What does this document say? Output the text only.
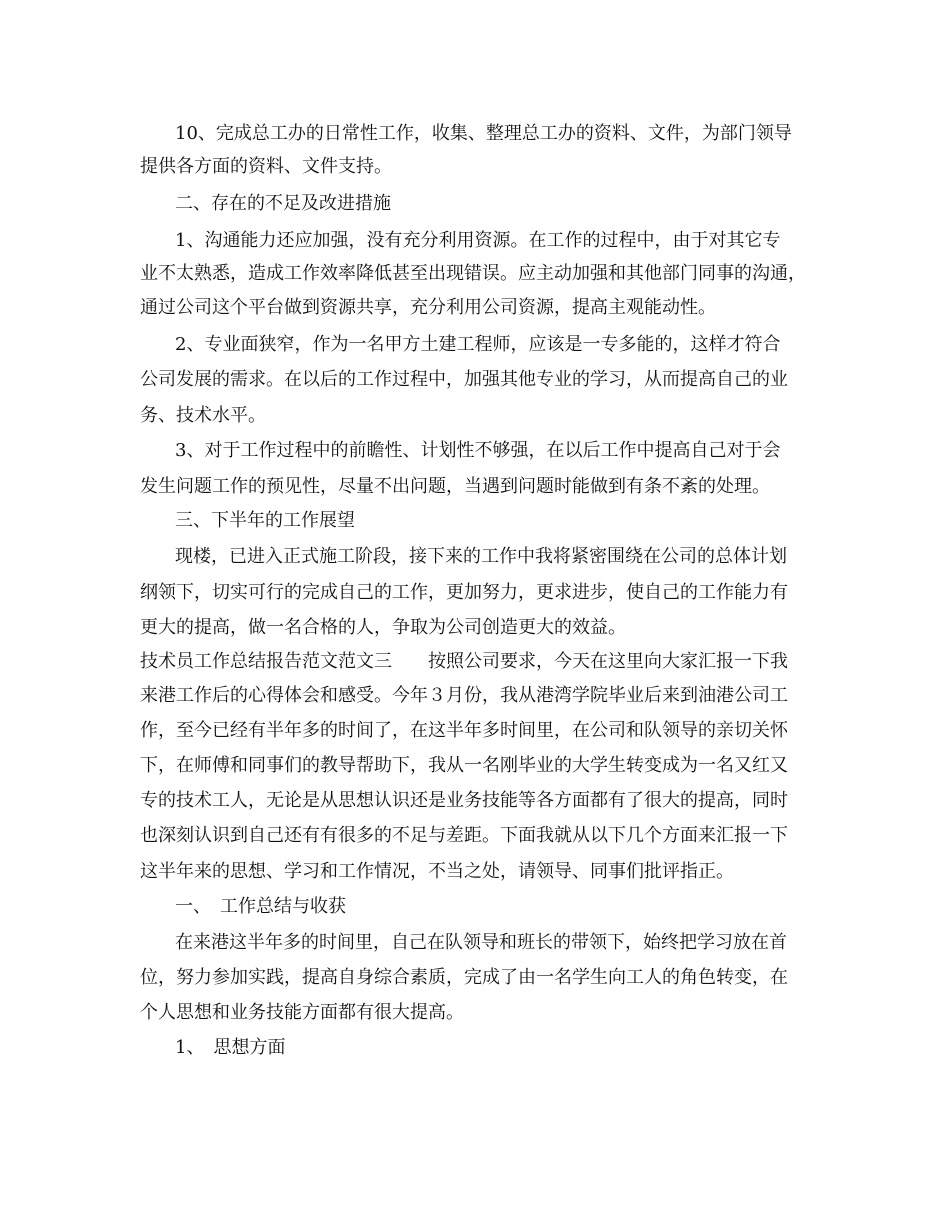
10、完成总工办的日常性工作，收集、整理总工办的资料、文件，为部门领导
提供各方面的资料、文件支持。
二、存在的不足及改进措施
1、沟通能力还应加强，没有充分利用资源。在工作的过程中，由于对其它专
业不太熟悉，造成工作效率降低甚至出现错误。应主动加强和其他部门同事的沟通，
通过公司这个平台做到资源共享，充分利用公司资源，提高主观能动性。
2、专业面狭窄，作为一名甲方土建工程师，应该是一专多能的，这样才符合
公司发展的需求。在以后的工作过程中，加强其他专业的学习，从而提高自己的业
务、技术水平。
3、对于工作过程中的前瞻性、计划性不够强，在以后工作中提高自己对于会
发生问题工作的预见性，尽量不出问题，当遇到问题时能做到有条不紊的处理。
三、下半年的工作展望
现楼，已进入正式施工阶段，接下来的工作中我将紧密围绕在公司的总体计划
纲领下，切实可行的完成自己的工作，更加努力，更求进步，使自己的工作能力有
更大的提高，做一名合格的人，争取为公司创造更大的效益。
技术员工作总结报告范文范文三　　按照公司要求，今天在这里向大家汇报一下我
来港工作后的心得体会和感受。今年３月份，我从港湾学院毕业后来到油港公司工
作，至今已经有半年多的时间了，在这半年多时间里，在公司和队领导的亲切关怀
下，在师傅和同事们的教导帮助下，我从一名刚毕业的大学生转变成为一名又红又
专的技术工人，无论是从思想认识还是业务技能等各方面都有了很大的提高，同时
也深刻认识到自己还有有很多的不足与差距。下面我就从以下几个方面来汇报一下
这半年来的思想、学习和工作情况，不当之处，请领导、同事们批评指正。
一、　工作总结与收获
在来港这半年多的时间里，自己在队领导和班长的带领下，始终把学习放在首
位，努力参加实践，提高自身综合素质，完成了由一名学生向工人的角色转变，在
个人思想和业务技能方面都有很大提高。
1、　思想方面
